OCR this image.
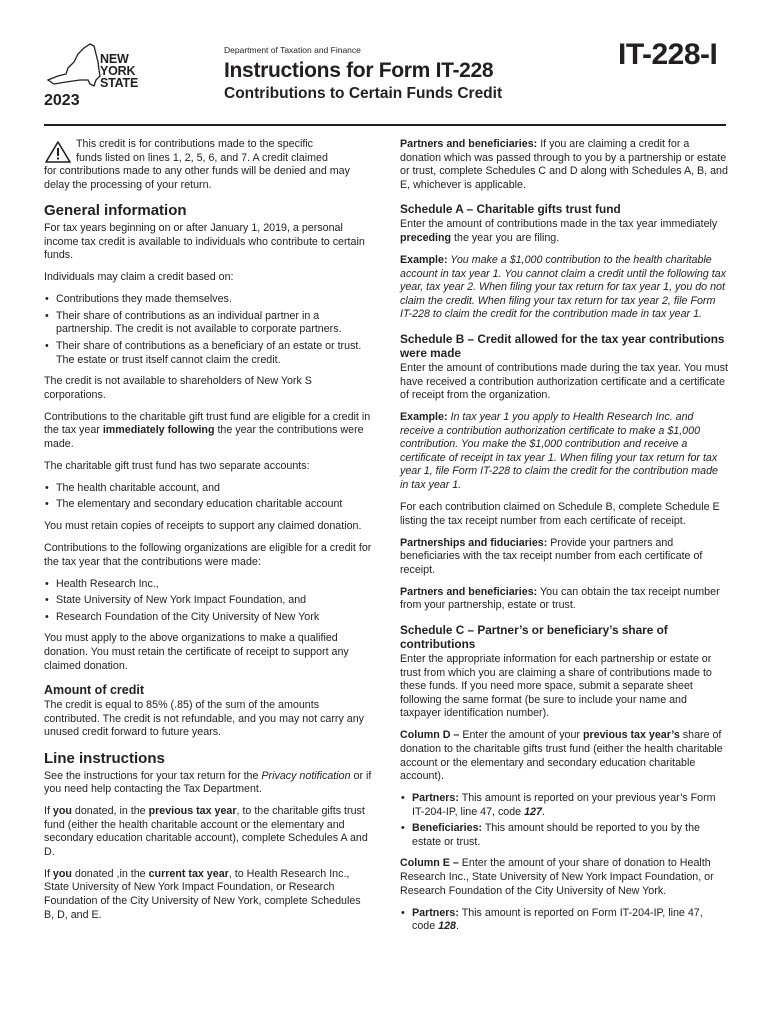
NEW
YORK
STATE
2023
Department of Taxation and Finance
Instructions for Form IT-228
Contributions to Certain Funds Credit
IT-228-I

This credit is for contributions made to the specific
funds listed on lines 1, 2, 5, 6, and 7. A credit claimed
for contributions made to any other funds will be denied and may delay the processing of your return.

General information

For tax years beginning on or after January 1, 2019, a personal income tax credit is available to individuals who contribute to certain funds.

Individuals may claim a credit based on:

• Contributions they made themselves.
• Their share of contributions as an individual partner in a partnership. The credit is not available to corporate partners.
• Their share of contributions as a beneficiary of an estate or trust. The estate or trust itself cannot claim the credit.

The credit is not available to shareholders of New York S corporations.

Contributions to the charitable gift trust fund are eligible for a credit in the tax year immediately following the year the contributions were made.

The charitable gift trust fund has two separate accounts:

• The health charitable account, and
• The elementary and secondary education charitable account

You must retain copies of receipts to support any claimed donation.

Contributions to the following organizations are eligible for a credit for the tax year that the contributions were made:

• Health Research Inc.,
• State University of New York Impact Foundation, and
• Research Foundation of the City University of New York

You must apply to the above organizations to make a qualified donation. You must retain the certificate of receipt to support any claimed donation.

Amount of credit

The credit is equal to 85% (.85) of the sum of the amounts contributed. The credit is not refundable, and you may not carry any unused credit forward to future years.

Line instructions

See the instructions for your tax return for the Privacy notification or if you need help contacting the Tax Department.

If you donated, in the previous tax year, to the charitable gifts trust fund (either the health charitable account or the elementary and secondary education charitable account), complete Schedules A and D.

If you donated ,in the current tax year, to Health Research Inc., State University of New York Impact Foundation, or Research Foundation of the City University of New York, complete Schedules B, D, and E.

Partners and beneficiaries: If you are claiming a credit for a donation which was passed through to you by a partnership or estate or trust, complete Schedules C and D along with Schedules A, B, and E, whichever is applicable.

Schedule A – Charitable gifts trust fund

Enter the amount of contributions made in the tax year immediately preceding the year you are filing.

Example: You make a $1,000 contribution to the health charitable account in tax year 1. You cannot claim a credit until the following tax year, tax year 2. When filing your tax return for tax year 1, you do not claim the credit. When filing your tax return for tax year 2, file Form IT-228 to claim the credit for the contribution made in tax year 1.

Schedule B – Credit allowed for the tax year contributions were made

Enter the amount of contributions made during the tax year. You must have received a contribution authorization certificate and a certificate of receipt from the organization.

Example: In tax year 1 you apply to Health Research Inc. and receive a contribution authorization certificate to make a $1,000 contribution. You make the $1,000 contribution and receive a certificate of receipt in tax year 1. When filing your tax return for tax year 1, file Form IT-228 to claim the credit for the contribution made in tax year 1.

For each contribution claimed on Schedule B, complete Schedule E listing the tax receipt number from each certificate of receipt.

Partnerships and fiduciaries: Provide your partners and beneficiaries with the tax receipt number from each certificate of receipt.

Partners and beneficiaries: You can obtain the tax receipt number from your partnership, estate or trust.

Schedule C – Partner’s or beneficiary’s share of contributions

Enter the appropriate information for each partnership or estate or trust from which you are claiming a share of contributions made to these funds. If you need more space, submit a separate sheet following the same format (be sure to include your name and taxpayer identification number).

Column D – Enter the amount of your previous tax year’s share of donation to the charitable gifts trust fund (either the health charitable account or the elementary and secondary education charitable account).

• Partners: This amount is reported on your previous year’s Form IT-204-IP, line 47, code 127.
• Beneficiaries: This amount should be reported to you by the estate or trust.

Column E – Enter the amount of your share of donation to Health Research Inc., State University of New York Impact Foundation, or Research Foundation of the City University of New York.

• Partners: This amount is reported on Form IT-204-IP, line 47, code 128.
